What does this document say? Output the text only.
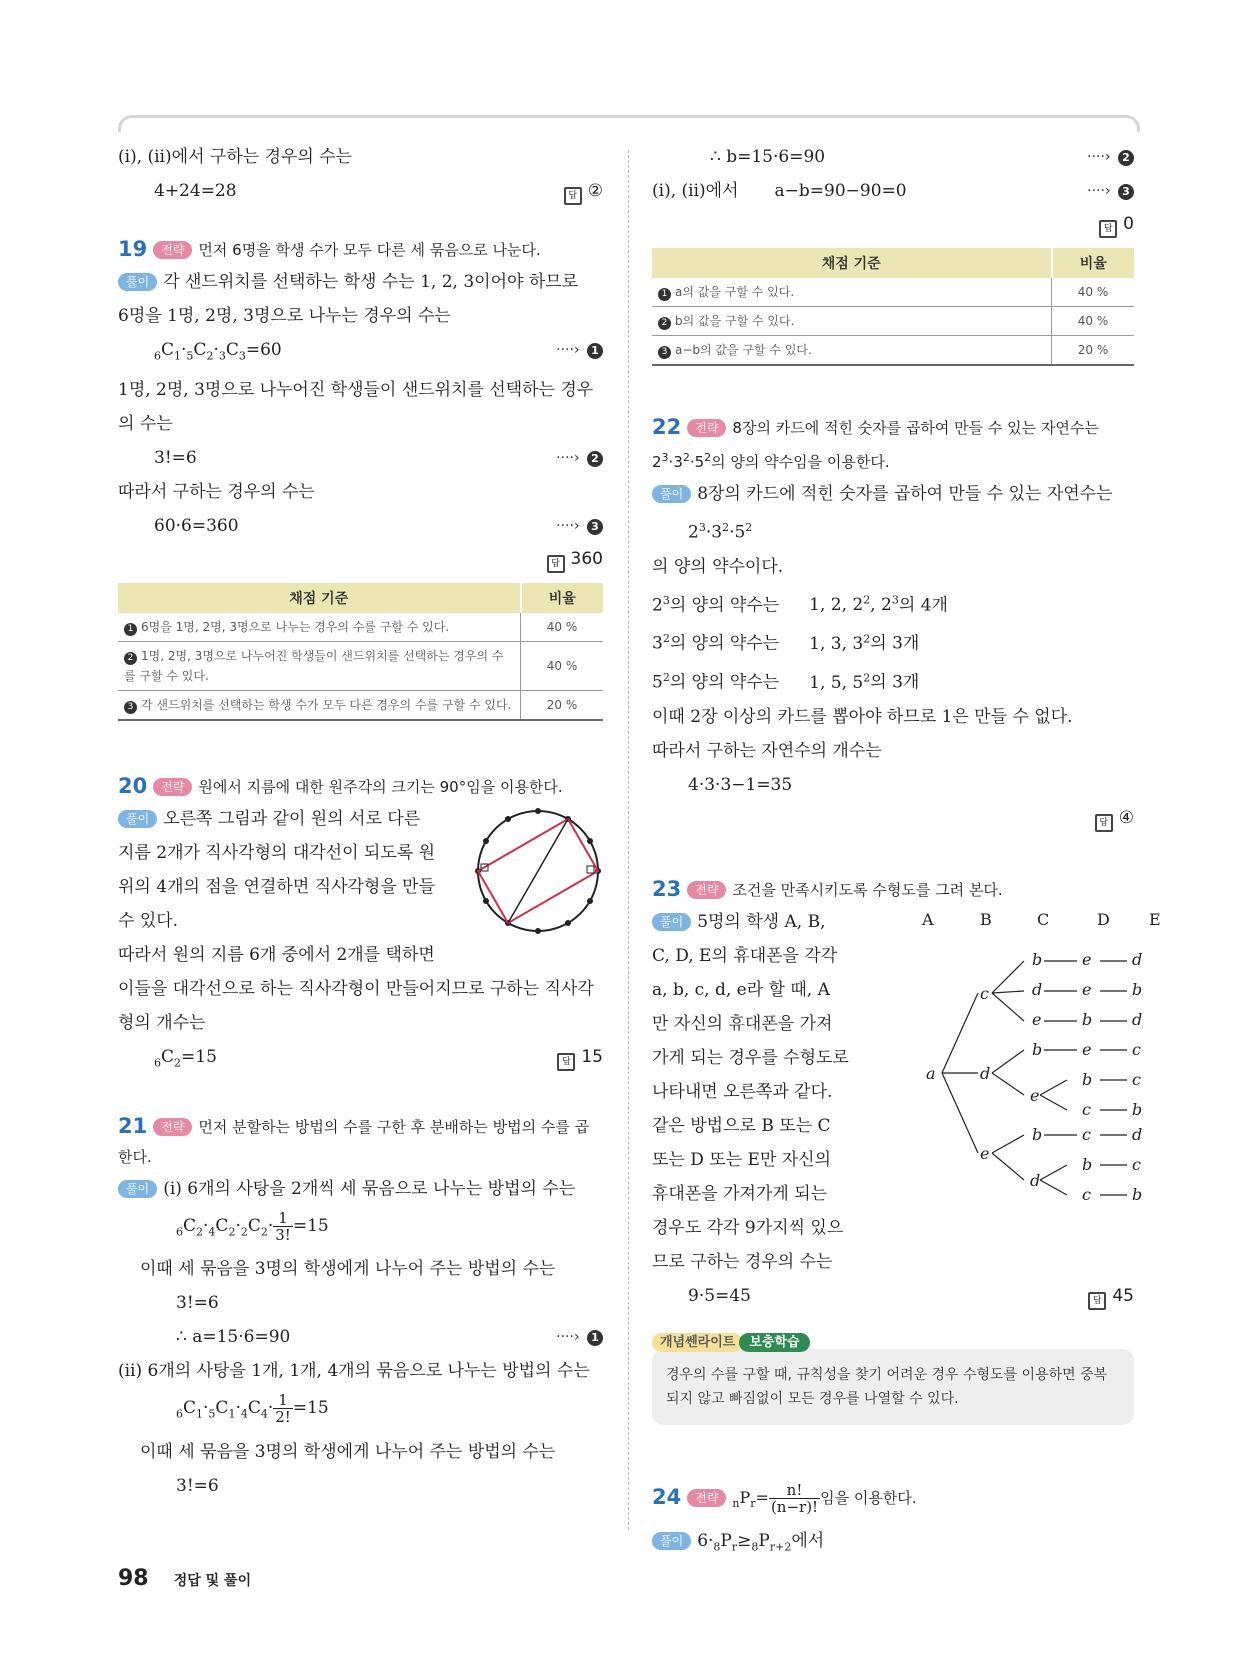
(ⅰ), (ⅱ)에서 구하는 경우의 수는
4+24=28	답 ②
19 전략 먼저 6명을 학생 수가 모두 다른 세 묶음으로 나눈다.
풀이 각 샌드위치를 선택하는 학생 수는 1, 2, 3이어야 하므로
6명을 1명, 2명, 3명으로 나누는 경우의 수는
$_6C_1\cdot_5C_2\cdot_3C_3=60$	····› 1
1명, 2명, 3명으로 나누어진 학생들이 샌드위치를 선택하는 경우
의 수는
3!=6	····› 2
따라서 구하는 경우의 수는
60·6=360	····› 3
답 360
채점 기준	비율
1 6명을 1명, 2명, 3명으로 나누는 경우의 수를 구할 수 있다.	40 %
2 1명, 2명, 3명으로 나누어진 학생들이 샌드위치를 선택하는 경우의 수를 구할 수 있다.	40 %
3 각 샌드위치를 선택하는 학생 수가 모두 다른 경우의 수를 구할 수 있다.	20 %
20 전략 원에서 지름에 대한 원주각의 크기는 90°임을 이용한다.
풀이 오른쪽 그림과 같이 원의 서로 다른
지름 2개가 직사각형의 대각선이 되도록 원
위의 4개의 점을 연결하면 직사각형을 만들
수 있다.
따라서 원의 지름 6개 중에서 2개를 택하면
이들을 대각선으로 하는 직사각형이 만들어지므로 구하는 직사각
형의 개수는
$_6C_2=15$	답 15
21 전략 먼저 분할하는 방법의 수를 구한 후 분배하는 방법의 수를 곱
한다.
풀이 (ⅰ) 6개의 사탕을 2개씩 세 묶음으로 나누는 방법의 수는
$_6C_2\cdot_4C_2\cdot_2C_2\cdot \frac{1}{3!} =15$
이때 세 묶음을 3명의 학생에게 나누어 주는 방법의 수는
3!=6
∴ a=15·6=90	····› 1
(ⅱ) 6개의 사탕을 1개, 1개, 4개의 묶음으로 나누는 방법의 수는
$_6C_1\cdot_5C_1\cdot_4C_4\cdot \frac{1}{2!} =15$
이때 세 묶음을 3명의 학생에게 나누어 주는 방법의 수는
3!=6
∴ b=15·6=90	····› 2
(ⅰ), (ⅱ)에서 a−b=90−90=0	····› 3
답 0
채점 기준	비율
1 a의 값을 구할 수 있다.	40 %
2 b의 값을 구할 수 있다.	40 %
3 a−b의 값을 구할 수 있다.	20 %
22 전략 8장의 카드에 적힌 숫자를 곱하여 만들 수 있는 자연수는
$2^3\cdot 3^2\cdot 5^2$의 양의 약수임을 이용한다.
풀이 8장의 카드에 적힌 숫자를 곱하여 만들 수 있는 자연수는
$2^3\cdot 3^2\cdot 5^2$
의 양의 약수이다.
$2^3$의 양의 약수는 1, 2, $2^2$, $2^3$의 4개
$3^2$의 양의 약수는 1, 3, $3^2$의 3개
$5^2$의 양의 약수는 1, 5, $5^2$의 3개
이때 2장 이상의 카드를 뽑아야 하므로 1은 만들 수 없다.
따라서 구하는 자연수의 개수는
4·3·3−1=35
답 ④
23 전략 조건을 만족시키도록 수형도를 그려 본다.
A	B	C	D E
a
c
d
e
b e	d
d e	b
e	b d
b e	c
e
b c
c	b
b c	d
d
b c
c	b
풀이 5명의 학생 A, B,
C, D, E의 휴대폰을 각각
a, b, c, d, e라 할 때, A
만 자신의 휴대폰을 가져
가게 되는 경우를 수형도로
나타내면 오른쪽과 같다.
같은 방법으로 B 또는 C
또는 D 또는 E만 자신의
휴대폰을 가져가게 되는
경우도 각각 9가지씩 있으
므로 구하는 경우의 수는
9·5=45	답 45
개념쎈라이트 보충학습
경우의 수를 구할 때, 규칙성을 찾기 어려운 경우 수형도를 이용하면 중복되지 않고 빠짐없이 모든 경우를 나열할 수 있다.
24 전략 $_nP_r= \frac{n!}{(n-r)!}$ 임을 이용한다.
풀이 $6\cdot_8P_r\ge_8P_{r+2}$에서
98 정답 및 풀이
